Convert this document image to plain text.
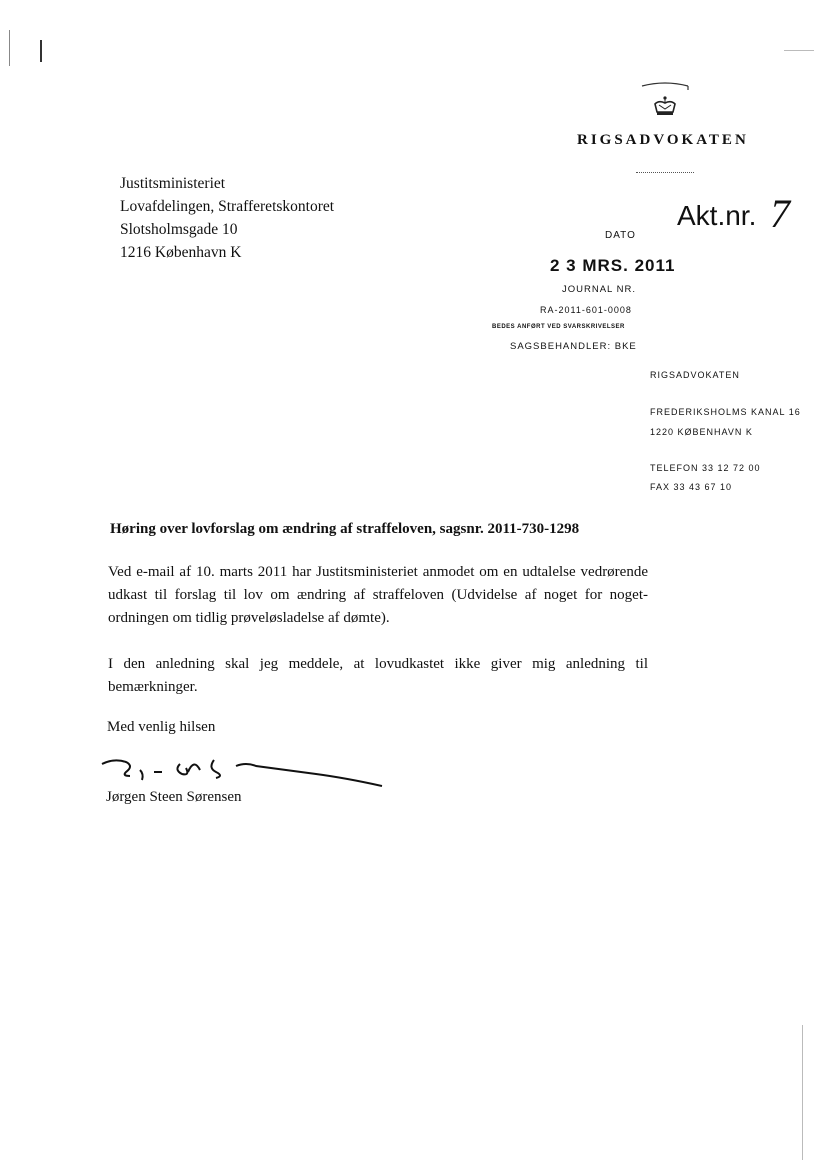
RIGSADVOKATEN
Justitsministeriet
Lovafdelingen, Strafferetskontoret
Slotsholmsgade 10
1216 København K
DATO
Akt.nr. 7
2 3 MRS. 2011
JOURNAL NR.
RA-2011-601-0008
BEDES ANFØRT VED SVARSKRIVELSER
SAGSBEHANDLER: BKE
RIGSADVOKATEN
FREDERIKSHOLMS KANAL 16
1220 KØBENHAVN K
TELEFON 33 12 72 00
FAX 33 43 67 10
Høring over lovforslag om ændring af straffeloven, sagsnr. 2011-730-1298
Ved e-mail af 10. marts 2011 har Justitsministeriet anmodet om en udtalelse vedrørende udkast til forslag til lov om ændring af straffeloven (Udvidelse af noget for noget-ordningen om tidlig prøveløsladelse af dømte).
I den anledning skal jeg meddele, at lovudkastet ikke giver mig anledning til bemærkninger.
Med venlig hilsen
Jørgen Steen Sørensen
